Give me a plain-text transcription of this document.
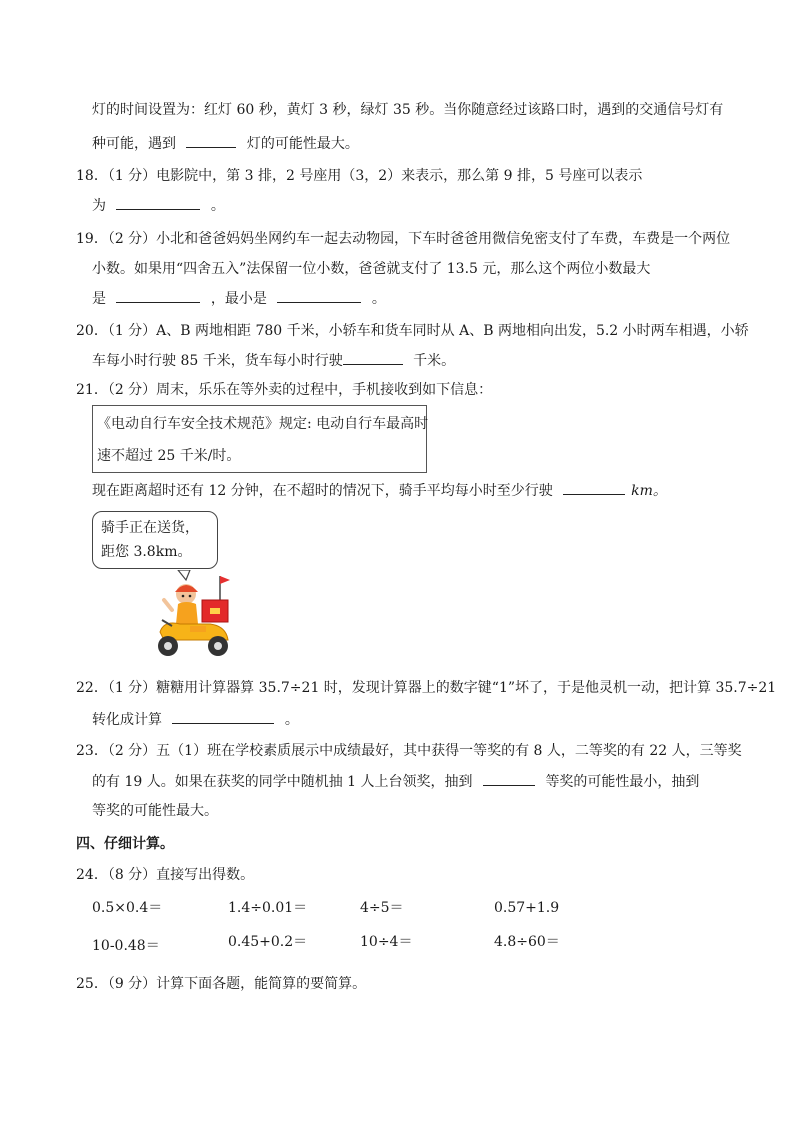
灯的时间设置为：红灯 60 秒，黄灯 3 秒，绿灯 35 秒。当你随意经过该路口时，遇到的交通信号灯有
种可能，遇到	灯的可能性最大。
18．（1 分）电影院中，第 3 排，2 号座用（3，2）来表示，那么第 9 排，5 号座可以表示
为	。
19．（2 分）小北和爸爸妈妈坐网约车一起去动物园，下车时爸爸用微信免密支付了车费，车费是一个两位
小数。如果用“四舍五入”法保留一位小数，爸爸就支付了 13.5 元，那么这个两位小数最大
是	，最小是	。
20．（1 分）A、B 两地相距 780 千米，小轿车和货车同时从 A、B 两地相向出发，5.2 小时两车相遇，小轿
车每小时行驶 85 千米，货车每小时行驶	千米。
21．（2 分）周末，乐乐在等外卖的过程中，手机接收到如下信息：
《电动自行车安全技术规范》规定: 电动自行车最高时
速不超过 25 千米/时。
现在距离超时还有 12 分钟，在不超时的情况下，骑手平均每小时至少行驶	km。
骑手正在送货，
距您 3.8km。
22．（1 分）糖糖用计算器算 35.7÷21 时，发现计算器上的数字键“1”坏了，于是他灵机一动，把计算 35.7÷21
转化成计算	。
23．（2 分）五（1）班在学校素质展示中成绩最好，其中获得一等奖的有 8 人，二等奖的有 22 人，三等奖
的有 19 人。如果在获奖的同学中随机抽 1 人上台领奖，抽到	等奖的可能性最小，抽到
等奖的可能性最大。
四、仔细计算。
24．（8 分）直接写出得数。
0.5×0.4＝	1.4÷0.01＝	4÷5＝	0.57+1.9
10-0.48＝	0.45+0.2＝	10÷4＝	4.8÷60＝
25．（9 分）计算下面各题，能简算的要简算。
